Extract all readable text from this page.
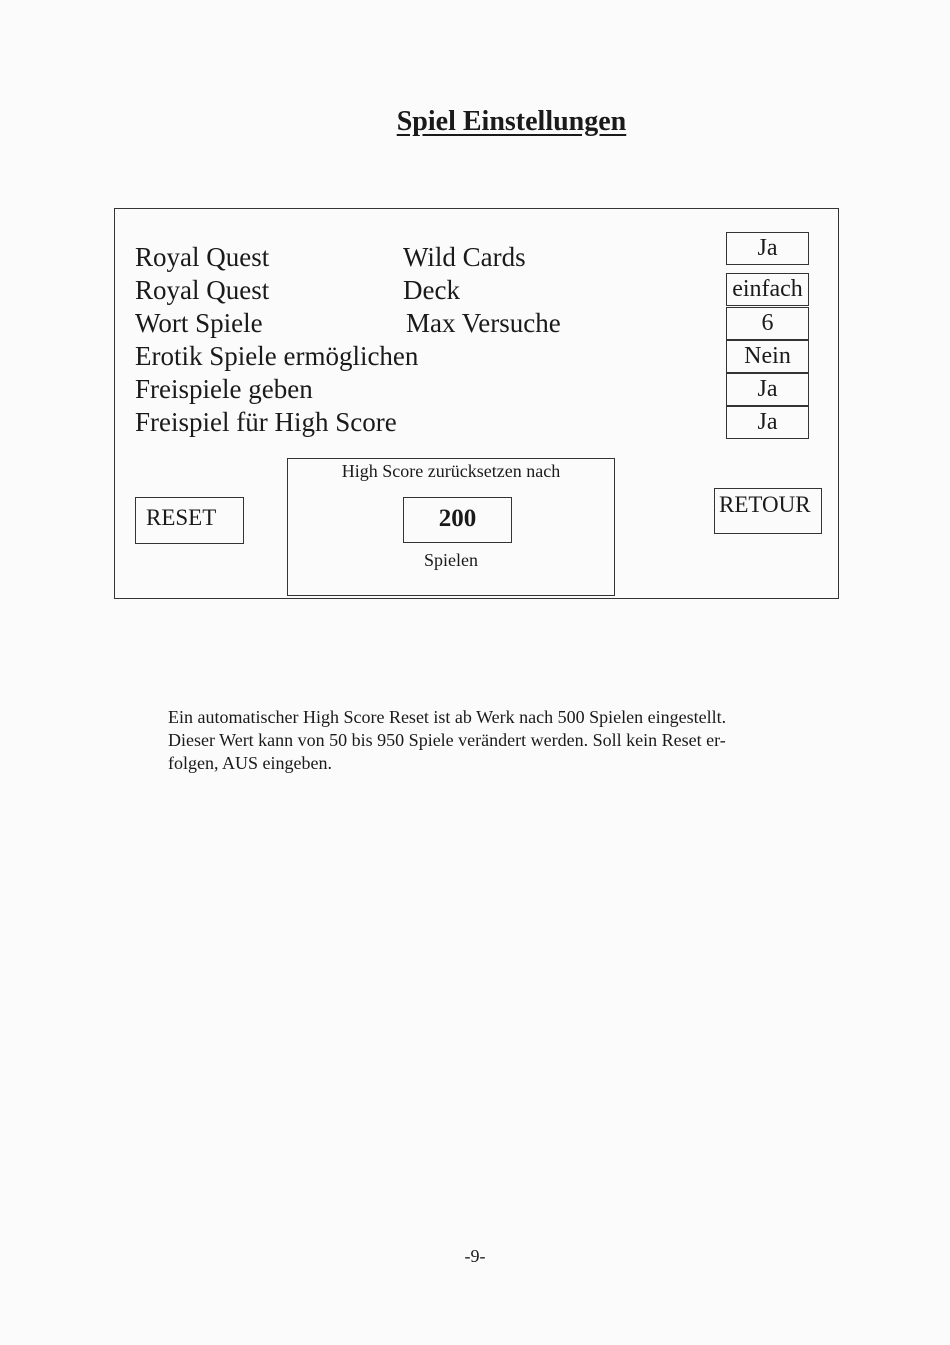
Spiel Einstellungen
Royal Quest	Wild Cards	Ja
Royal Quest	Deck	einfach
Wort Spiele	Max Versuche	6
Erotik Spiele ermöglichen	Nein
Freispiele geben	Ja
Freispiel für High Score	Ja
RESET
High Score zurücksetzen nach
200
Spielen
RETOUR
Ein automatischer High Score Reset ist ab Werk nach 500 Spielen eingestellt.
Dieser Wert kann von 50 bis 950 Spiele verändert werden. Soll kein Reset er-
folgen, AUS eingeben.
-9-
